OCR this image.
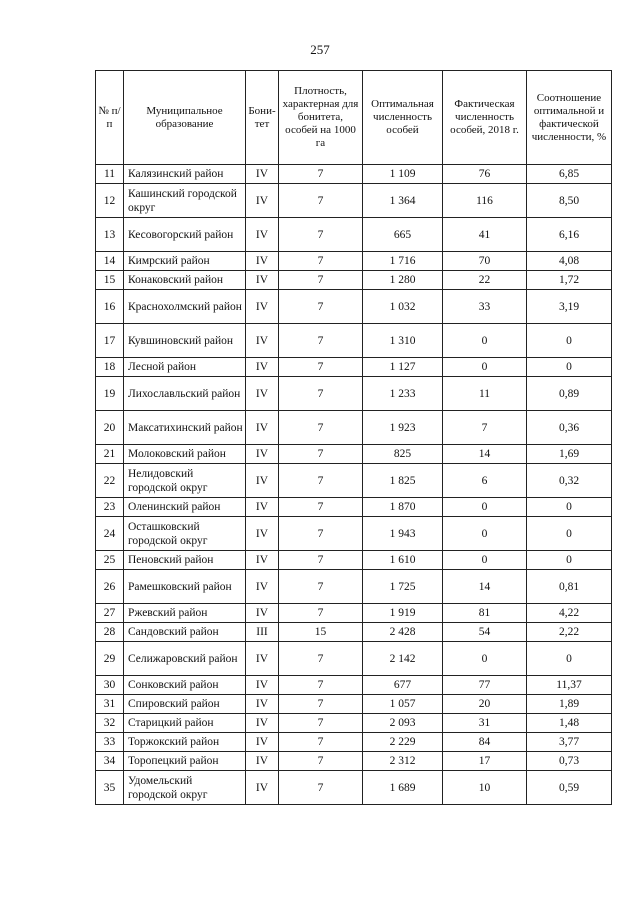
257
№ п/п	Муниципальное образование	Бони-тет	Плотность, характерная для бонитета, особей на 1000 га	Оптимальная численность особей	Фактическая численность особей, 2018 г.	Соотношение оптимальной и фактической численности, %
11	Калязинский район	IV	7	1 109	76	6,85
12	Кашинский городской округ	IV	7	1 364	116	8,50
13	Кесовогорский район	IV	7	665	41	6,16
14	Кимрский район	IV	7	1 716	70	4,08
15	Конаковский район	IV	7	1 280	22	1,72
16	Краснохолмский район	IV	7	1 032	33	3,19
17	Кувшиновский район	IV	7	1 310	0	0
18	Лесной район	IV	7	1 127	0	0
19	Лихославльский район	IV	7	1 233	11	0,89
20	Максатихинский район	IV	7	1 923	7	0,36
21	Молоковский район	IV	7	825	14	1,69
22	Нелидовский городской округ	IV	7	1 825	6	0,32
23	Оленинский район	IV	7	1 870	0	0
24	Осташковский городской округ	IV	7	1 943	0	0
25	Пеновский район	IV	7	1 610	0	0
26	Рамешковский район	IV	7	1 725	14	0,81
27	Ржевский район	IV	7	1 919	81	4,22
28	Сандовский район	III	15	2 428	54	2,22
29	Селижаровский район	IV	7	2 142	0	0
30	Сонковский район	IV	7	677	77	11,37
31	Спировский район	IV	7	1 057	20	1,89
32	Старицкий район	IV	7	2 093	31	1,48
33	Торжокский район	IV	7	2 229	84	3,77
34	Торопецкий район	IV	7	2 312	17	0,73
35	Удомельский городской округ	IV	7	1 689	10	0,59
